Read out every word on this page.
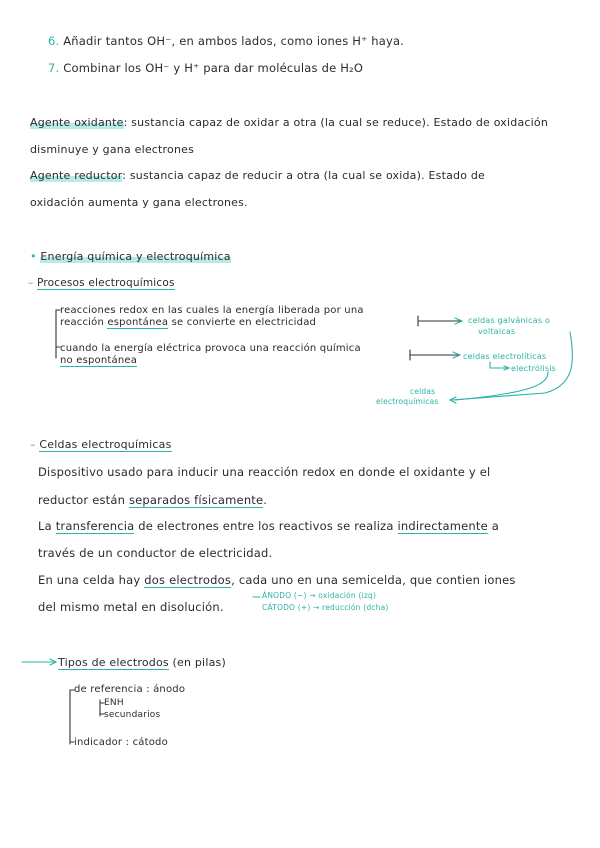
6. Añadir tantos OH⁻, en ambos lados, como iones H⁺ haya.
7. Combinar los OH⁻ y H⁺ para dar moléculas de H₂O
Agente oxidante: sustancia capaz de oxidar a otra (la cual se reduce). Estado de oxidación
disminuye y gana electrones
Agente reductor: sustancia capaz de reducir a otra (la cual se oxida). Estado de
oxidación aumenta y gana electrones.
• Energía química y electroquímica
– Procesos electroquímicos
reacciones redox en las cuales la energía liberada por una
reacción espontánea se convierte en electricidad
cuando la energía eléctrica provoca una reacción química
no espontánea
celdas galvánicas o
voltaicas
celdas electrolíticas
electrólisis
celdas
electroquímicas
– Celdas electroquímicas
Dispositivo usado para inducir una reacción redox en donde el oxidante y el
reductor están separados físicamente.
La transferencia de electrones entre los reactivos se realiza indirectamente a
través de un conductor de electricidad.
En una celda hay dos electrodos, cada uno en una semicelda, que contien iones
del mismo metal en disolución.
ÁNODO (−) → oxidación (izq)
CÁTODO (+) → reducción (dcha)
Tipos de electrodos (en pilas)
de referencia : ánodo
ENH
secundarios
indicador : cátodo
